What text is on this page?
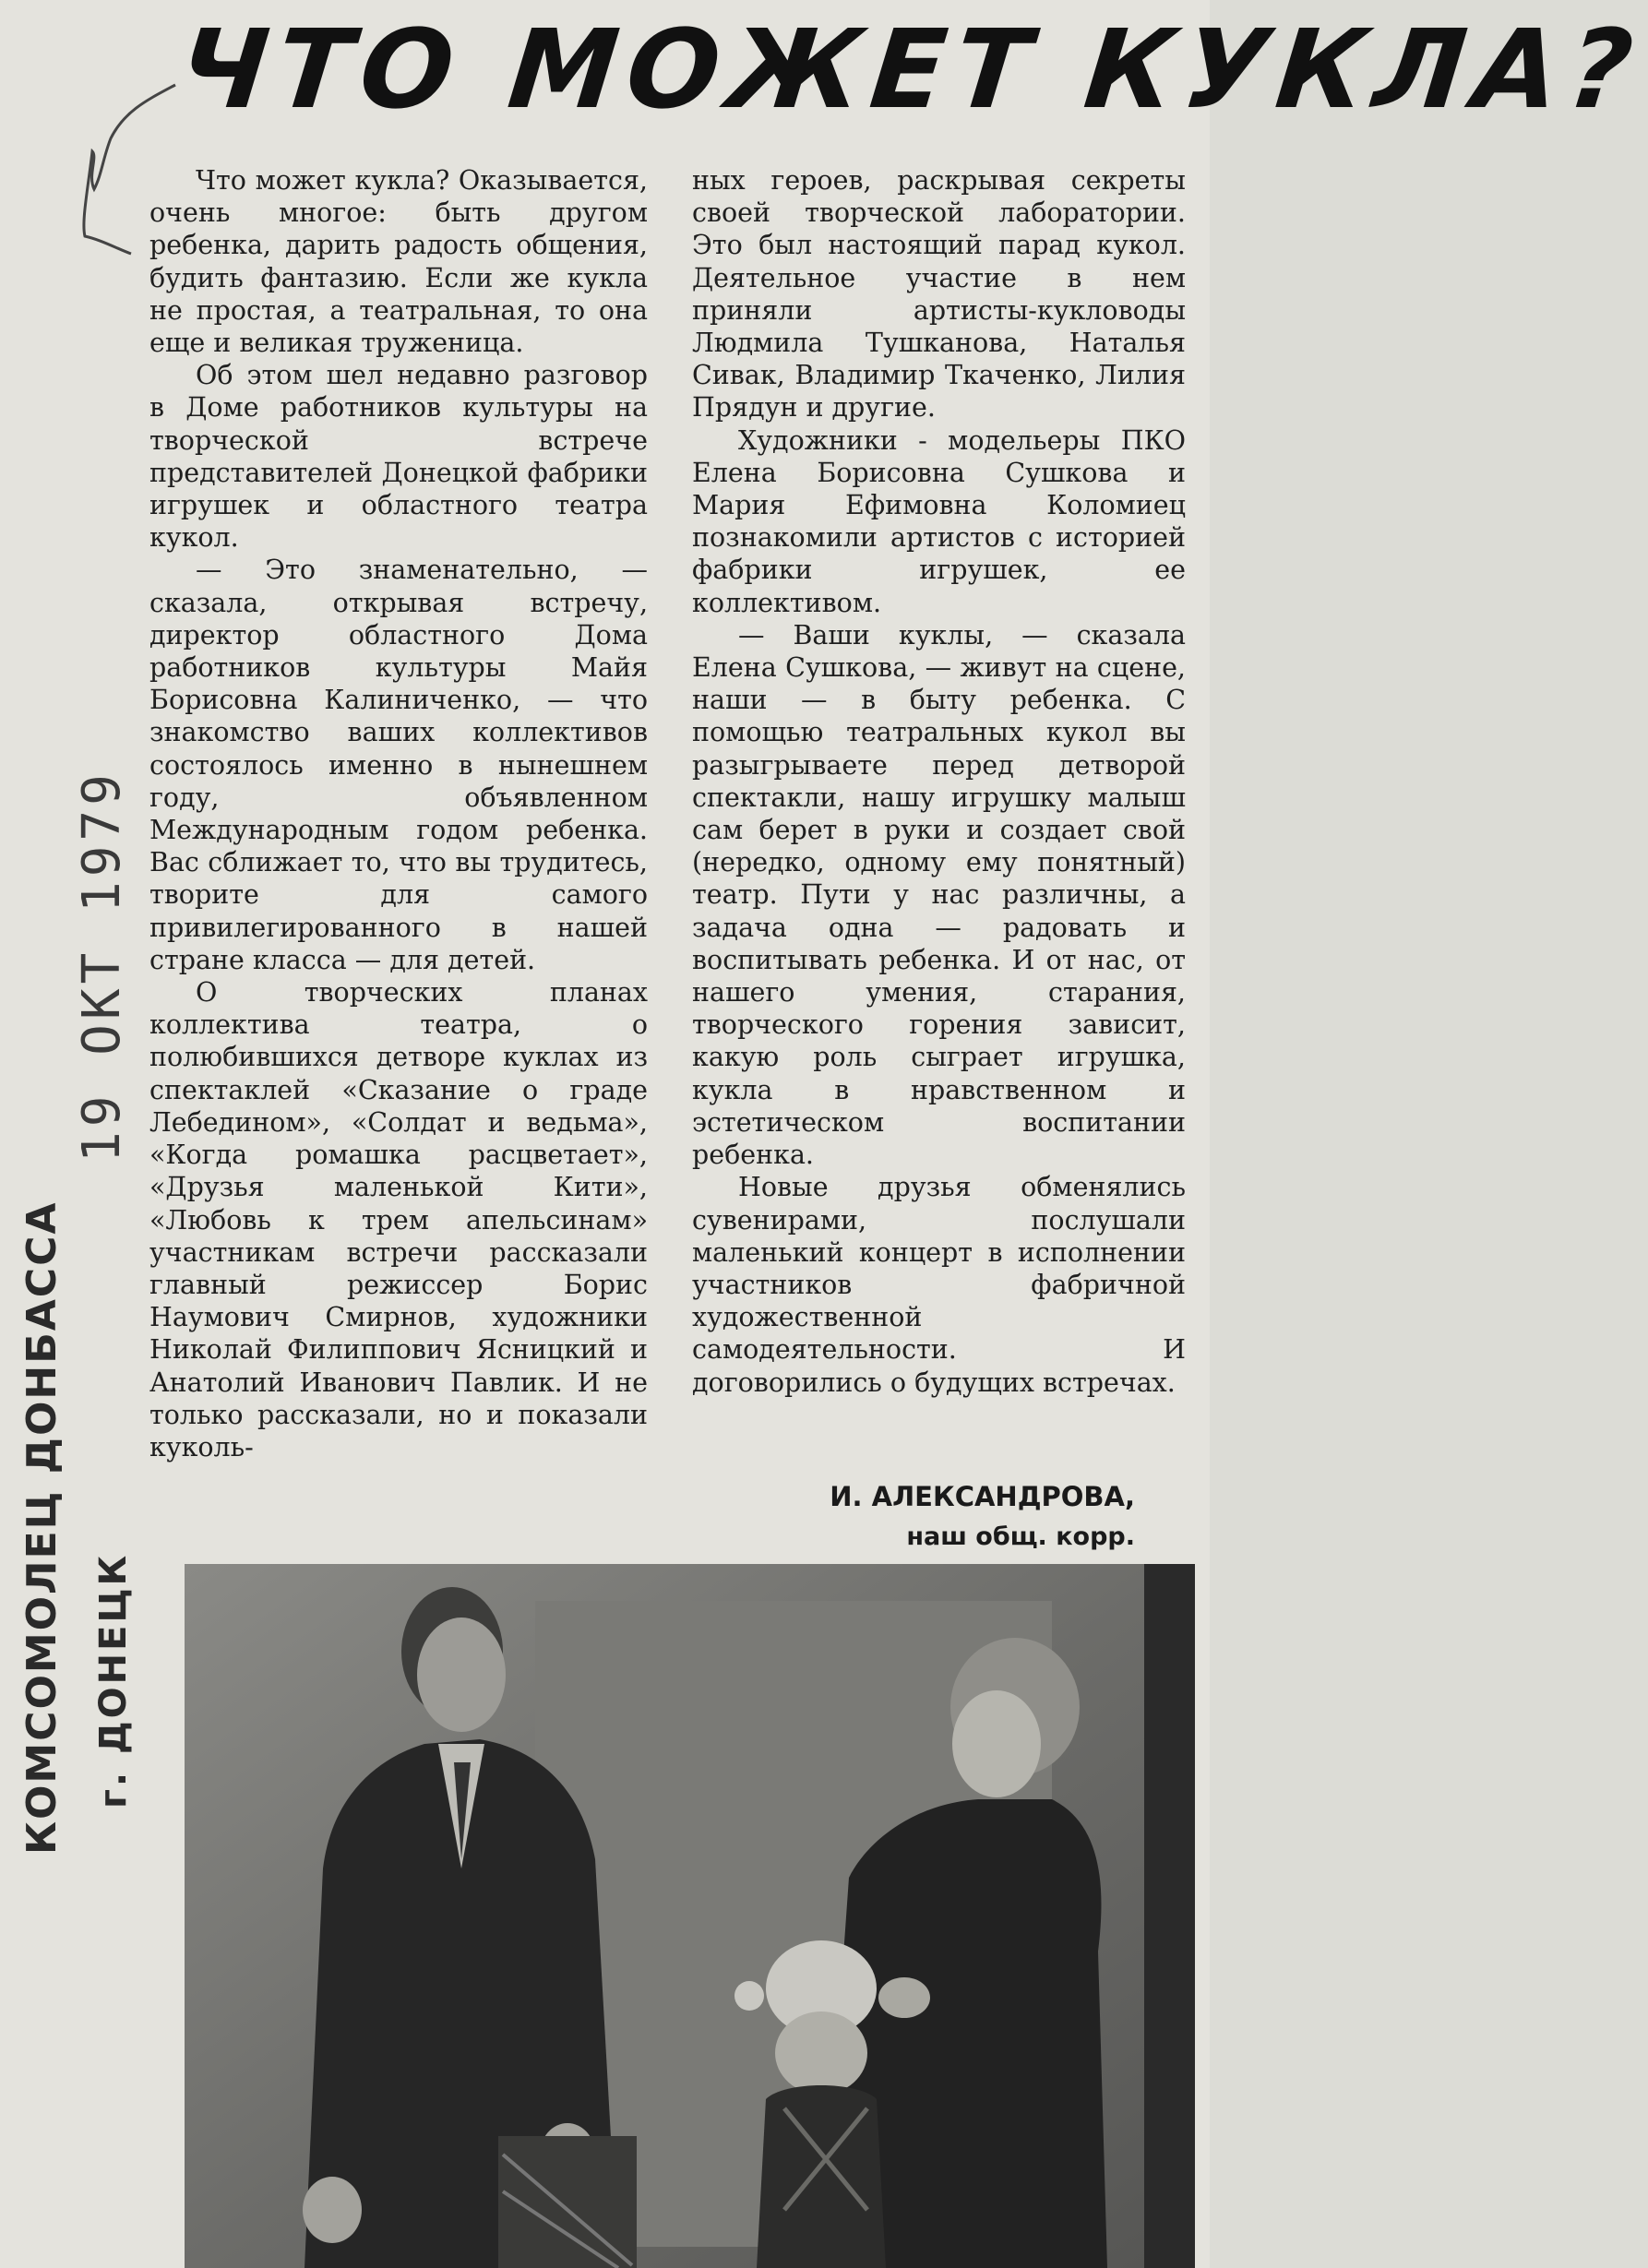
ЧТО МОЖЕТ КУКЛА?

Что может кукла? Оказывается, очень многое: быть другом ребенка, дарить радость общения, будить фантазию. Если же кукла не простая, а театральная, то она еще и великая труженица.

Об этом шел недавно разговор в Доме работников культуры на творческой встрече представителей Донецкой фабрики игрушек и областного театра кукол.

— Это знаменательно, — сказала, открывая встречу, директор областного Дома работников культуры Майя Борисовна Калиниченко, — что знакомство ваших коллективов состоялось именно в нынешнем году, объявленном Международным годом ребенка. Вас сближает то, что вы трудитесь, творите для самого привилегированного в нашей стране класса — для детей.

О творческих планах коллектива театра, о полюбившихся детворе куклах из спектаклей «Сказание о граде Лебедином», «Солдат и ведьма», «Когда ромашка расцветает», «Друзья маленькой Кити», «Любовь к трем апельсинам» участникам встречи рассказали главный режиссер Борис Наумович Смирнов, художники Николай Филиппович Ясницкий и Анатолий Иванович Павлик. И не только рассказали, но и показали куколь-

ных героев, раскрывая секреты своей творческой лаборатории. Это был настоящий парад кукол. Деятельное участие в нем приняли артисты-кукловоды Людмила Тушканова, Наталья Сивак, Владимир Ткаченко, Лилия Прядун и другие.

Художники - модельеры ПКО Елена Борисовна Сушкова и Мария Ефимовна Коломиец познакомили артистов с историей фабрики игрушек, ее коллективом.

— Ваши куклы, — сказала Елена Сушкова, — живут на сцене, наши — в быту ребенка. С помощью театральных кукол вы разыгрываете перед детворой спектакли, нашу игрушку малыш сам берет в руки и создает свой (нередко, одному ему понятный) театр. Пути у нас различны, а задача одна — радовать и воспитывать ребенка. И от нас, от нашего умения, старания, творческого горения зависит, какую роль сыграет игрушка, кукла в нравственном и эстетическом воспитании ребенка.

Новые друзья обменялись сувенирами, послушали маленький концерт в исполнении участников фабричной художественной самодеятельности. И договорились о будущих встречах.

И. АЛЕКСАНДРОВА,
наш общ. корр.
19 ОКТ 1979
КОМСОМОЛЕЦ ДОНБАССА г. ДОНЕЦК
